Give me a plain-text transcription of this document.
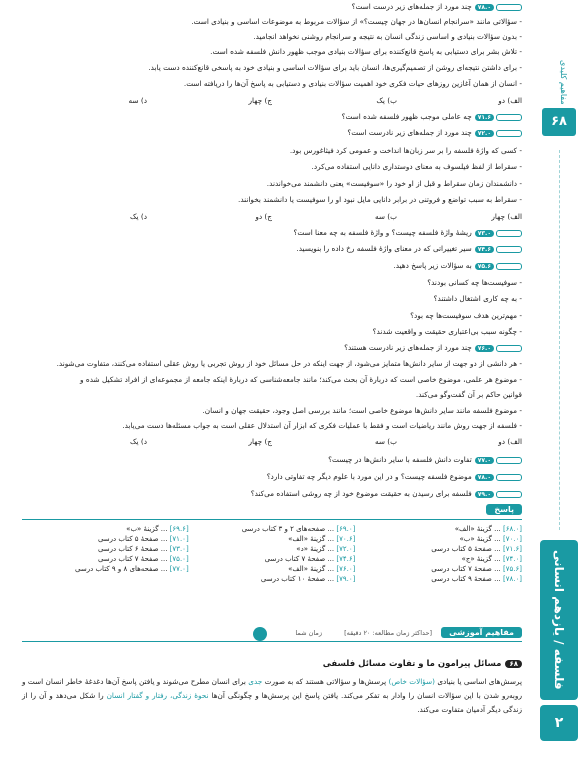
مفاهیم کلیدی
۶۸
فلسفه / یازدهم انسانی
۲
۷۸.۰چند مورد از جمله‌های زیر درست است؟
- سؤالاتی مانند «سرانجام انسان‌ها در جهان چیست؟» از سؤالات مربوط به موضوعات اساسی و بنیادی است.
- بدون سؤالات بنیادی و اساسی زندگی انسان به نتیجه و سرانجام روشنی نخواهد انجامید.
- تلاش بشر برای دستیابی به پاسخ قانع‌کننده برای سؤالات بنیادی موجب ظهور دانش فلسفه شده است.
- برای داشتن نتیجه‌ای روشن از تصمیم‌گیری‌ها، انسان باید برای سؤالات اساسی و بنیادی خود به پاسخی قانع‌کننده دست یابد.
- انسان از همان آغازین روزهای حیات فکری خود اهمیت سؤالات بنیادی و دستیابی به پاسخ آن‌ها را دریافته است.
الف) دو
ب) یک
ج) چهار
د) سه
۷۱.۶چه عاملی موجب ظهور فلسفه شده است؟
۷۲.۰چند مورد از جمله‌های زیر نادرست است؟
- کسی که واژهٔ فلسفه را بر سر زبان‌ها انداخت و عمومی کرد فیثاغورس بود.
- سقراط از لفظ فیلسوف به معنای دوستداری دانایی استفاده می‌کرد.
- دانشمندان زمان سقراط و قبل از او خود را «سوفیست» یعنی دانشمند می‌خواندند.
- سقراط به سبب تواضع و فروتنی در برابر دانایی مایل نبود او را سوفیست یا دانشمند بخوانند.
الف) چهار
ب) سه
ج) دو
د) یک
۷۳.۰ریشهٔ واژهٔ فلسفه چیست؟ و واژهٔ فلسفه به چه معنا است؟
۷۴.۶سیر تغییراتی که در معنای واژهٔ فلسفه رخ داده را بنویسید.
۷۵.۶به سؤالات زیر پاسخ دهید.
- سوفیست‌ها چه کسانی بودند؟
- به چه کاری اشتغال داشتند؟
- مهم‌ترین هدف سوفیست‌ها چه بود؟
- چگونه سبب بی‌اعتباری حقیقت و واقعیت شدند؟
۷۶.۰چند مورد از جمله‌های زیر نادرست هستند؟
- هر دانشی از دو جهت از سایر دانش‌ها متمایز می‌شود، از جهت اینکه در حل مسائل خود از روش تجربی یا روش عقلی استفاده می‌کنند، متفاوت می‌شوند.
- موضوع هر علمی، موضوع خاصی است که دربارهٔ آن بحث می‌کند؛ مانند جامعه‌شناسی که دربارهٔ اینکه جامعه از مجموعه‌ای از افراد تشکیل شده و
قوانین حاکم بر آن گفت‌وگو می‌کند.
- موضوع فلسفه مانند سایر دانش‌ها موضوع خاصی است؛ مانند بررسی اصل وجود، حقیقت جهان و انسان.
- فلسفه از جهت روش مانند ریاضیات است و فقط با عملیات فکری که ابزار آن استدلال عقلی است به جواب مسئله‌ها دست می‌یابد.
الف) دو
ب) سه
ج) چهار
د) یک
۷۷.۰تفاوت دانش فلسفه با سایر دانش‌ها در چیست؟
۷۸.۰موضوع فلسفه چیست؟ و در این مورد با علوم دیگر چه تفاوتی دارد؟
۷۹.۰فلسفه برای رسیدن به حقیقت موضوع خود از چه روشی استفاده می‌کند؟
پاسخ
[۶۸.۰] ... گزینهٔ «الف»
[۶۹.۰] ... صفحه‌های ۲ و ۳ کتاب درسی
[۶۹.۶] ... گزینهٔ «ب»
[۷۰.۰] ... گزینهٔ «ب»
[۷۰.۶] ... گزینهٔ «الف»
[۷۱.۰] ... صفحهٔ ۵ کتاب درسی
[۷۱.۶] ... صفحهٔ ۵ کتاب درسی
[۷۲.۰] ... گزینهٔ «د»
[۷۳.۰] ... صفحهٔ ۶ کتاب درسی
[۷۴.۰] ... گزینهٔ «ج»
[۷۴.۶] ... صفحهٔ ۷ کتاب درسی
[۷۵.۰] ... صفحهٔ ۷ کتاب درسی
[۷۵.۶] ... صفحهٔ ۷ کتاب درسی
[۷۶.۰] ... گزینهٔ «الف»
[۷۷.۰] ... صفحه‌های ۸ و ۹ کتاب درسی
[۷۸.۰] ... صفحهٔ ۹ کتاب درسی
[۷۹.۰] ... صفحهٔ ۱۰ کتاب درسی
مفاهیم آموزشی
[حداکثر زمان مطالعه: ۲۰ دقیقه]
زمان شما
۶۸مسائل پیرامون ما و تفاوت مسائل فلسفی
پرسش‌های اساسی یا بنیادی (سؤالات خاص) پرسش‌ها و سؤالاتی هستند که به صورت جدی برای انسان مطرح می‌شوند و یافتن پاسخ آن‌ها دغدغهٔ خاطر انسان است و روبه‌رو شدن با این سؤالات انسان را وادار به تفکر می‌کند. یافتن پاسخ این پرسش‌ها و چگونگی آن‌ها نحوهٔ زندگی، رفتار و گفتار انسان را شکل می‌دهد و آن را از زندگی دیگر آدمیان متفاوت می‌کند.
